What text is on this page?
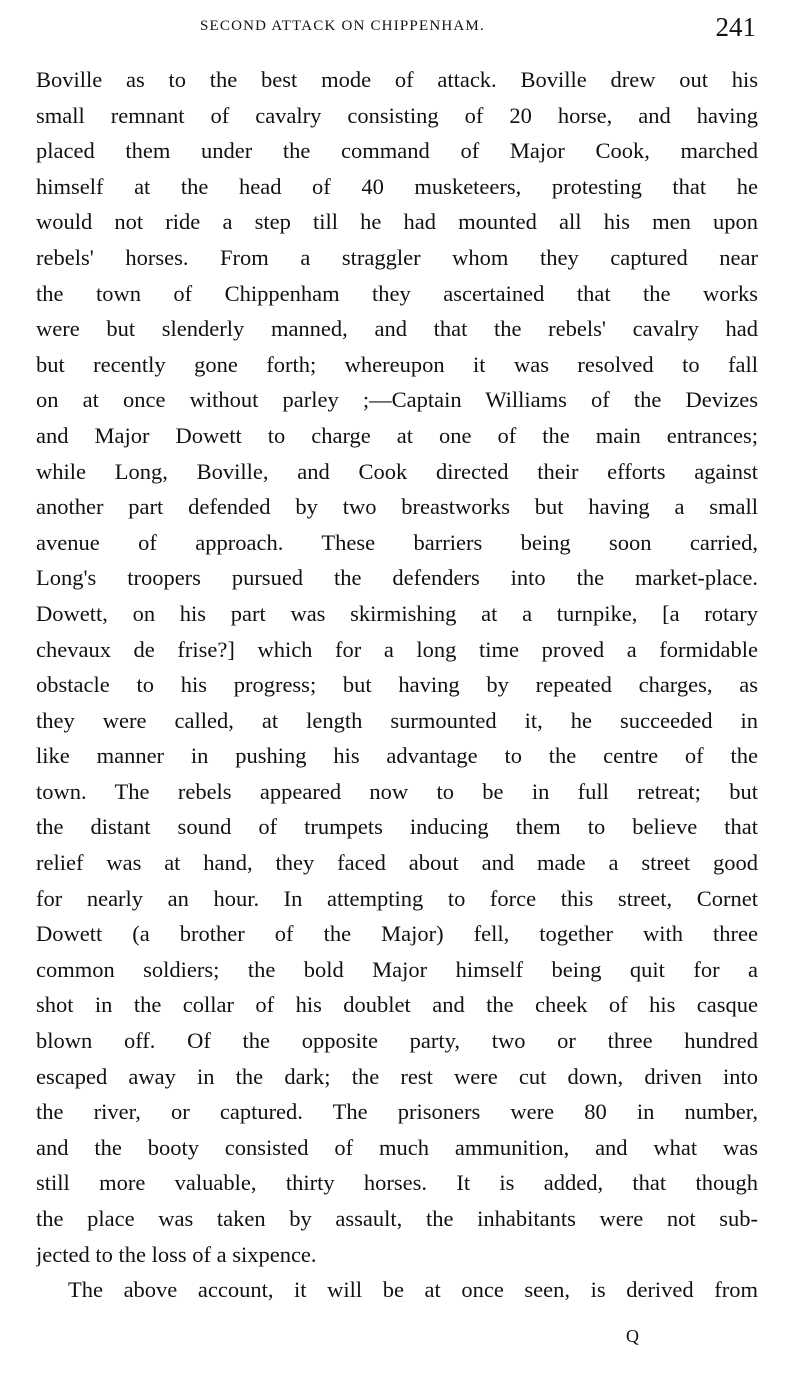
SECOND ATTACK ON CHIPPENHAM.	241
Boville as to the best mode of attack. Boville drew out his
small remnant of cavalry consisting of 20 horse, and having
placed them under the command of Major Cook, marched
himself at the head of 40 musketeers, protesting that he
would not ride a step till he had mounted all his men upon
rebels' horses. From a straggler whom they captured near
the town of Chippenham they ascertained that the works
were but slenderly manned, and that the rebels' cavalry had
but recently gone forth; whereupon it was resolved to fall
on at once without parley ;—Captain Williams of the Devizes
and Major Dowett to charge at one of the main entrances;
while Long, Boville, and Cook directed their efforts against
another part defended by two breastworks but having a small
avenue of approach. These barriers being soon carried,
Long's troopers pursued the defenders into the market-place.
Dowett, on his part was skirmishing at a turnpike, [a rotary
chevaux de frise?] which for a long time proved a formidable
obstacle to his progress; but having by repeated charges, as
they were called, at length surmounted it, he succeeded in
like manner in pushing his advantage to the centre of the
town. The rebels appeared now to be in full retreat; but
the distant sound of trumpets inducing them to believe that
relief was at hand, they faced about and made a street good
for nearly an hour. In attempting to force this street, Cornet
Dowett (a brother of the Major) fell, together with three
common soldiers; the bold Major himself being quit for a
shot in the collar of his doublet and the cheek of his casque
blown off. Of the opposite party, two or three hundred
escaped away in the dark; the rest were cut down, driven into
the river, or captured. The prisoners were 80 in number,
and the booty consisted of much ammunition, and what was
still more valuable, thirty horses. It is added, that though
the place was taken by assault, the inhabitants were not sub-
jected to the loss of a sixpence.
The above account, it will be at once seen, is derived from
Q
